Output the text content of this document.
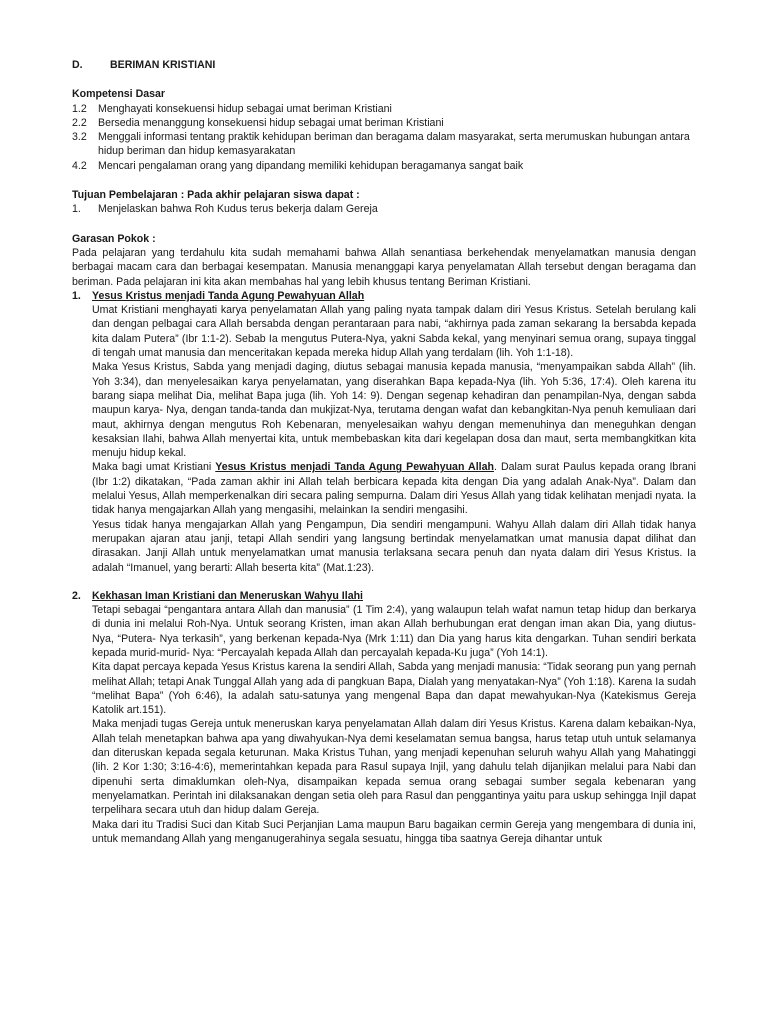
D.	BERIMAN KRISTIANI
Kompetensi Dasar
1.2	Menghayati konsekuensi hidup sebagai umat beriman Kristiani
2.2	Bersedia menanggung konsekuensi hidup sebagai umat beriman Kristiani
3.2	Menggali informasi tentang praktik kehidupan beriman dan beragama dalam masyarakat, serta merumuskan hubungan antara hidup beriman dan hidup kemasyarakatan
4.2	Mencari pengalaman orang yang dipandang memiliki kehidupan beragamanya sangat baik
Tujuan Pembelajaran : Pada akhir pelajaran siswa dapat :
1.	Menjelaskan bahwa Roh Kudus terus bekerja dalam Gereja
Garasan Pokok :
Pada pelajaran yang terdahulu kita sudah memahami bahwa Allah senantiasa berkehendak menyelamatkan manusia dengan berbagai macam cara dan berbagai kesempatan. Manusia menanggapi karya penyelamatan Allah tersebut dengan beragama dan beriman. Pada pelajaran ini kita akan membahas hal yang lebih khusus tentang Beriman Kristiani.
1.	Yesus Kristus menjadi Tanda Agung Pewahyuan Allah
Umat Kristiani menghayati karya penyelamatan Allah yang paling nyata tampak dalam diri Yesus Kristus. Setelah berulang kali dan dengan pelbagai cara Allah bersabda dengan perantaraan para nabi, “akhirnya pada zaman sekarang Ia bersabda kepada kita dalam Putera” (Ibr 1:1-2). Sebab Ia mengutus Putera-Nya, yakni Sabda kekal, yang menyinari semua orang, supaya tinggal di tengah umat manusia dan menceritakan kepada mereka hidup Allah yang terdalam (lih. Yoh 1:1-18).
Maka Yesus Kristus, Sabda yang menjadi daging, diutus sebagai manusia kepada manusia, “menyampaikan sabda Allah” (lih. Yoh 3:34), dan menyelesaikan karya penyelamatan, yang diserahkan Bapa kepada-Nya (lih. Yoh 5:36, 17:4). Oleh karena itu barang siapa melihat Dia, melihat Bapa juga (lih. Yoh 14: 9). Dengan segenap kehadiran dan penampilan-Nya, dengan sabda maupun karya- Nya, dengan tanda-tanda dan mukjizat-Nya, terutama dengan wafat dan kebangkitan-Nya penuh kemuliaan dari maut, akhirnya dengan mengutus Roh Kebenaran, menyelesaikan wahyu dengan memenuhinya dan meneguhkan dengan kesaksian Ilahi, bahwa Allah menyertai kita, untuk membebaskan kita dari kegelapan dosa dan maut, serta membangkitkan kita menuju hidup kekal.
Maka bagi umat Kristiani Yesus Kristus menjadi Tanda Agung Pewahyuan Allah. Dalam surat Paulus kepada orang Ibrani (Ibr 1:2) dikatakan, “Pada zaman akhir ini Allah telah berbicara kepada kita dengan Dia yang adalah Anak-Nya”. Dalam dan melalui Yesus, Allah memperkenalkan diri secara paling sempurna. Dalam diri Yesus Allah yang tidak kelihatan menjadi nyata. Ia tidak hanya mengajarkan Allah yang mengasihi, melainkan Ia sendiri mengasihi.
Yesus tidak hanya mengajarkan Allah yang Pengampun, Dia sendiri mengampuni. Wahyu Allah dalam diri Allah tidak hanya merupakan ajaran atau janji, tetapi Allah sendiri yang langsung bertindak menyelamatkan umat manusia dapat dilihat dan dirasakan. Janji Allah untuk menyelamatkan umat manusia terlaksana secara penuh dan nyata dalam diri Yesus Kristus. Ia adalah “Imanuel, yang berarti: Allah beserta kita” (Mat.1:23).
2.	Kekhasan Iman Kristiani dan Meneruskan Wahyu Ilahi
Tetapi sebagai “pengantara antara Allah dan manusia” (1 Tim 2:4), yang walaupun telah wafat namun tetap hidup dan berkarya di dunia ini melalui Roh-Nya. Untuk seorang Kristen, iman akan Allah berhubungan erat dengan iman akan Dia, yang diutus-Nya, “Putera- Nya terkasih”, yang berkenan kepada-Nya (Mrk 1:11) dan Dia yang harus kita dengarkan. Tuhan sendiri berkata kepada murid-murid- Nya: “Percayalah kepada Allah dan percayalah kepada-Ku juga” (Yoh 14:1).
Kita dapat percaya kepada Yesus Kristus karena Ia sendiri Allah, Sabda yang menjadi manusia: “Tidak seorang pun yang pernah melihat Allah; tetapi Anak Tunggal Allah yang ada di pangkuan Bapa, Dialah yang menyatakan-Nya” (Yoh 1:18). Karena Ia sudah “melihat Bapa” (Yoh 6:46), Ia adalah satu-satunya yang mengenal Bapa dan dapat mewahyukan-Nya (Katekismus Gereja Katolik art.151).
Maka menjadi tugas Gereja untuk meneruskan karya penyelamatan Allah dalam diri Yesus Kristus. Karena dalam kebaikan-Nya, Allah telah menetapkan bahwa apa yang diwahyukan-Nya demi keselamatan semua bangsa, harus tetap utuh untuk selamanya dan diteruskan kepada segala keturunan. Maka Kristus Tuhan, yang menjadi kepenuhan seluruh wahyu Allah yang Mahatinggi (lih. 2 Kor 1:30; 3:16-4:6), memerintahkan kepada para Rasul supaya Injil, yang dahulu telah dijanjikan melalui para Nabi dan dipenuhi serta dimaklumkan oleh-Nya, disampaikan kepada semua orang sebagai sumber segala kebenaran yang menyelamatkan. Perintah ini dilaksanakan dengan setia oleh para Rasul dan penggantinya yaitu para uskup sehingga Injil dapat terpelihara secara utuh dan hidup dalam Gereja.
Maka dari itu Tradisi Suci dan Kitab Suci Perjanjian Lama maupun Baru bagaikan cermin Gereja yang mengembara di dunia ini, untuk memandang Allah yang menganugerahinya segala sesuatu, hingga tiba saatnya Gereja dihantar untuk
